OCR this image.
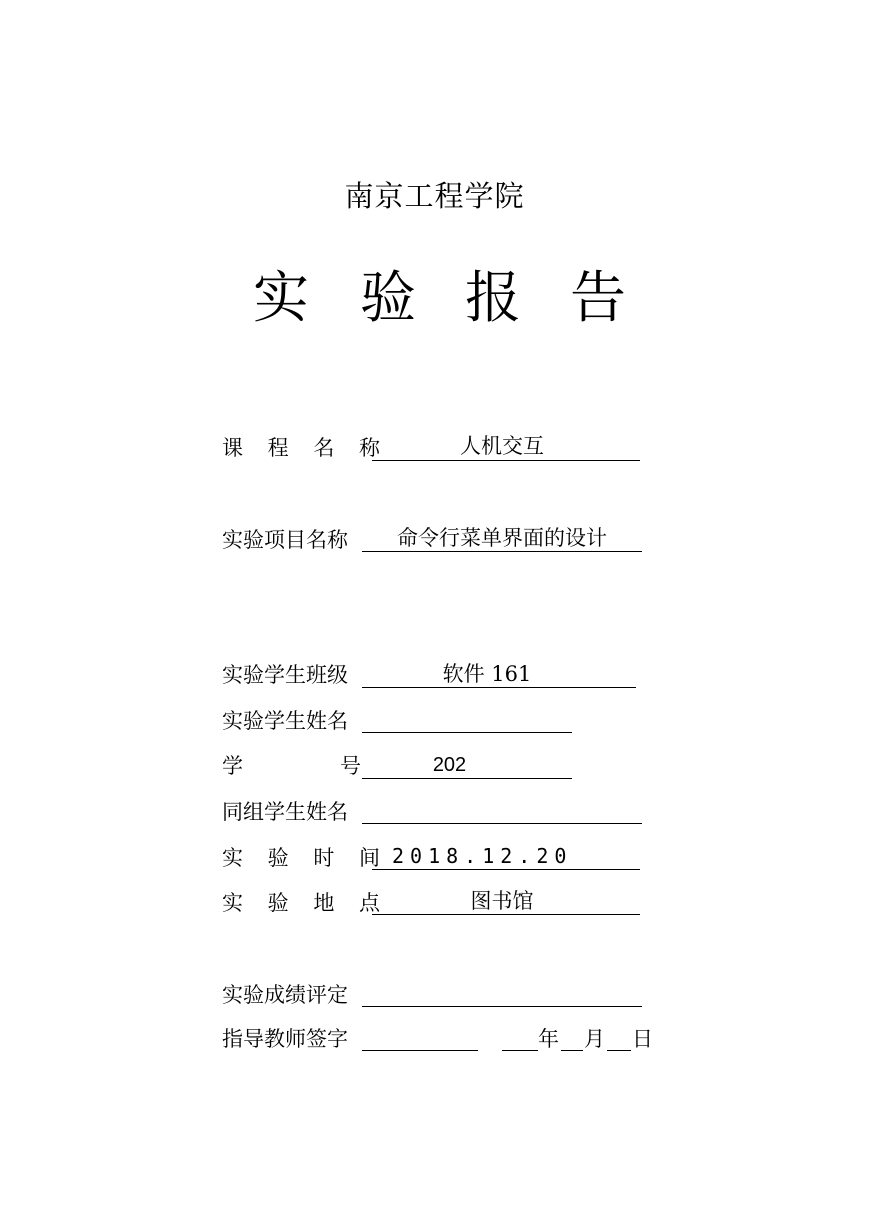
南京工程学院
实 验 报 告
课 程 名 称	人机交互
实验项目名称	命令行菜单界面的设计
实验学生班级	软件 161
实验学生姓名
学	号	202
同组学生姓名
实 验 时 间 2018.12.20
实 验 地 点	图书馆
实验成绩评定
指导教师签字	年 月 日
